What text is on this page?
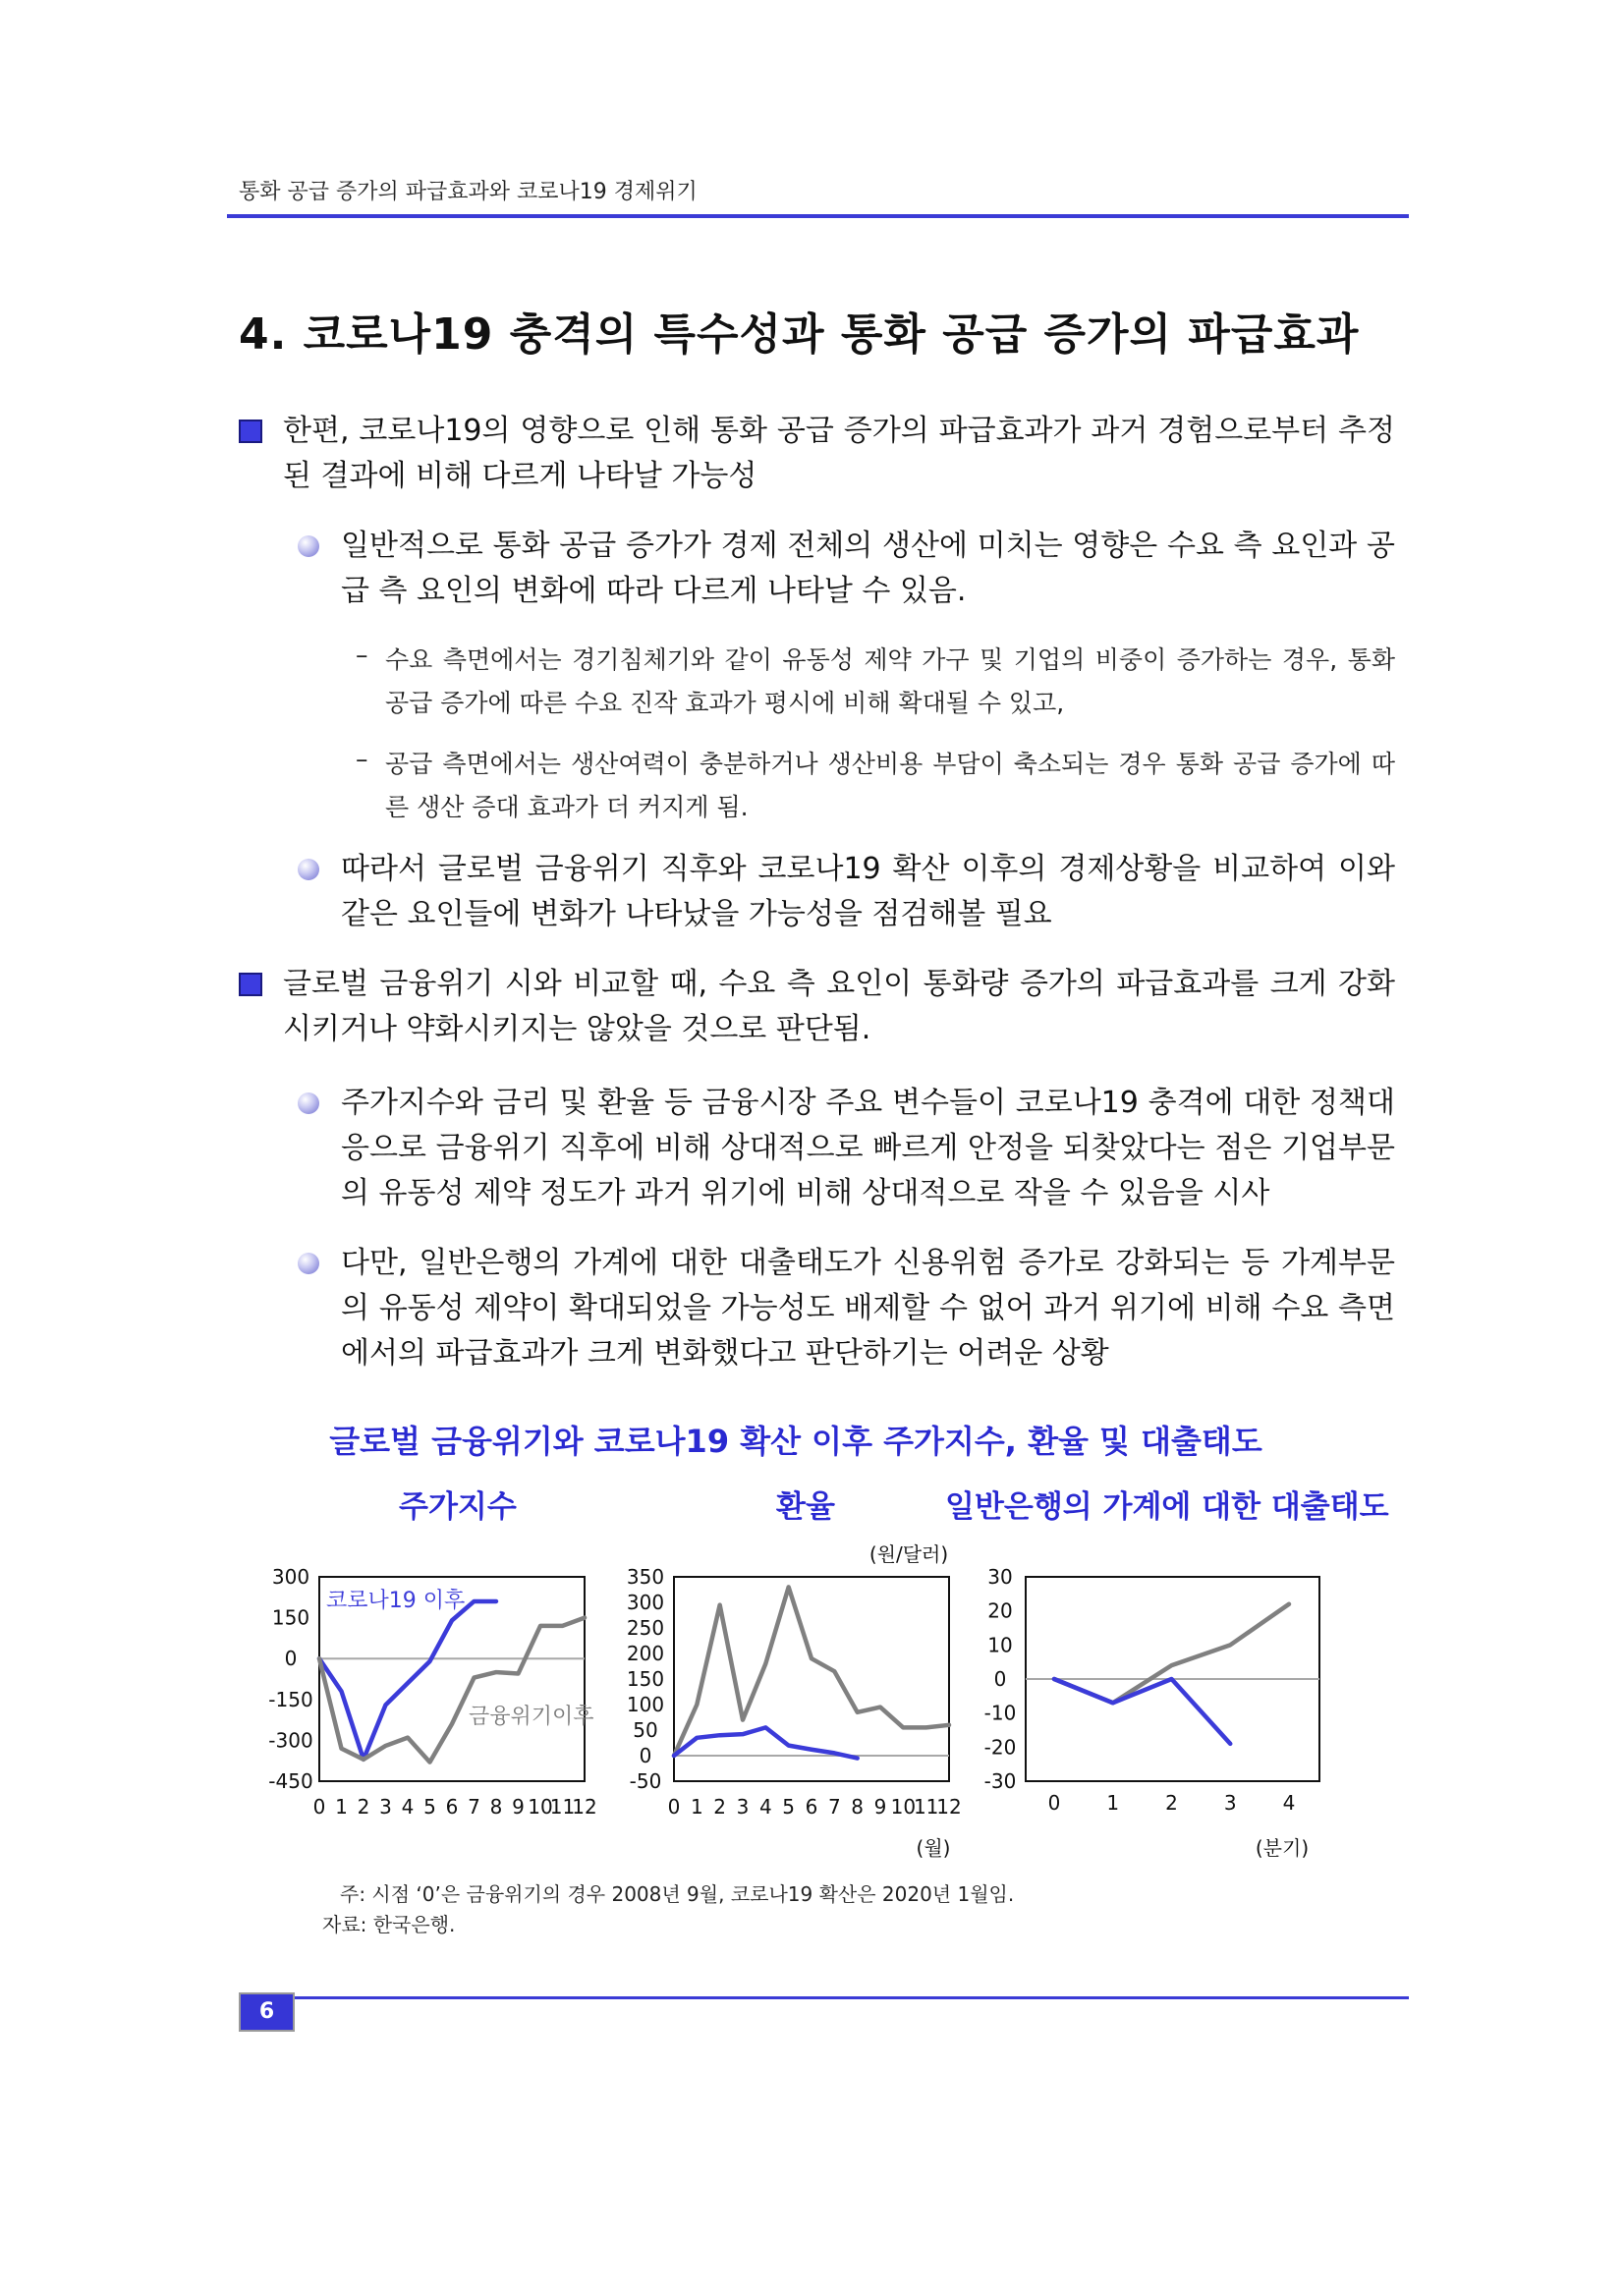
통화 공급 증가의 파급효과와 코로나19 경제위기
4. 코로나19 충격의 특수성과 통화 공급 증가의 파급효과
한편, 코로나19의 영향으로 인해 통화 공급 증가의 파급효과가 과거 경험으로부터 추정된 결과에 비해 다르게 나타날 가능성
일반적으로 통화 공급 증가가 경제 전체의 생산에 미치는 영향은 수요 측 요인과 공급 측 요인의 변화에 따라 다르게 나타날 수 있음.
– 수요 측면에서는 경기침체기와 같이 유동성 제약 가구 및 기업의 비중이 증가하는 경우, 통화 공급 증가에 따른 수요 진작 효과가 평시에 비해 확대될 수 있고,
– 공급 측면에서는 생산여력이 충분하거나 생산비용 부담이 축소되는 경우 통화 공급 증가에 따른 생산 증대 효과가 더 커지게 됨.
따라서 글로벌 금융위기 직후와 코로나19 확산 이후의 경제상황을 비교하여 이와 같은 요인들에 변화가 나타났을 가능성을 점검해볼 필요
글로벌 금융위기 시와 비교할 때, 수요 측 요인이 통화량 증가의 파급효과를 크게 강화시키거나 약화시키지는 않았을 것으로 판단됨.
주가지수와 금리 및 환율 등 금융시장 주요 변수들이 코로나19 충격에 대한 정책대응으로 금융위기 직후에 비해 상대적으로 빠르게 안정을 되찾았다는 점은 기업부문의 유동성 제약 정도가 과거 위기에 비해 상대적으로 작을 수 있음을 시사
다만, 일반은행의 가계에 대한 대출태도가 신용위험 증가로 강화되는 등 가계부문의 유동성 제약이 확대되었을 가능성도 배제할 수 없어 과거 위기에 비해 수요 측면에서의 파급효과가 크게 변화했다고 판단하기는 어려운 상황
글로벌 금융위기와 코로나19 확산 이후 주가지수, 환율 및 대출태도
주가지수	환율	일반은행의 가계에 대한 대출태도
300
150
0
-150
-300
-450
0 1 2 3 4 5 6 7 8 9 10
11
12
코로나19 이후
금융위기이후
350
300
250
200
150
100
50
0
-50
0 1 2 3 4 5 6 7 8 9 10
11
12
(원/달러)
(월)
30
20
10
0
-10
-20
-30
0 1 2 3 4
(분기)
주: 시점 ‘0’은 금융위기의 경우 2008년 9월, 코로나19 확산은 2020년 1월임.
자료: 한국은행.
6
